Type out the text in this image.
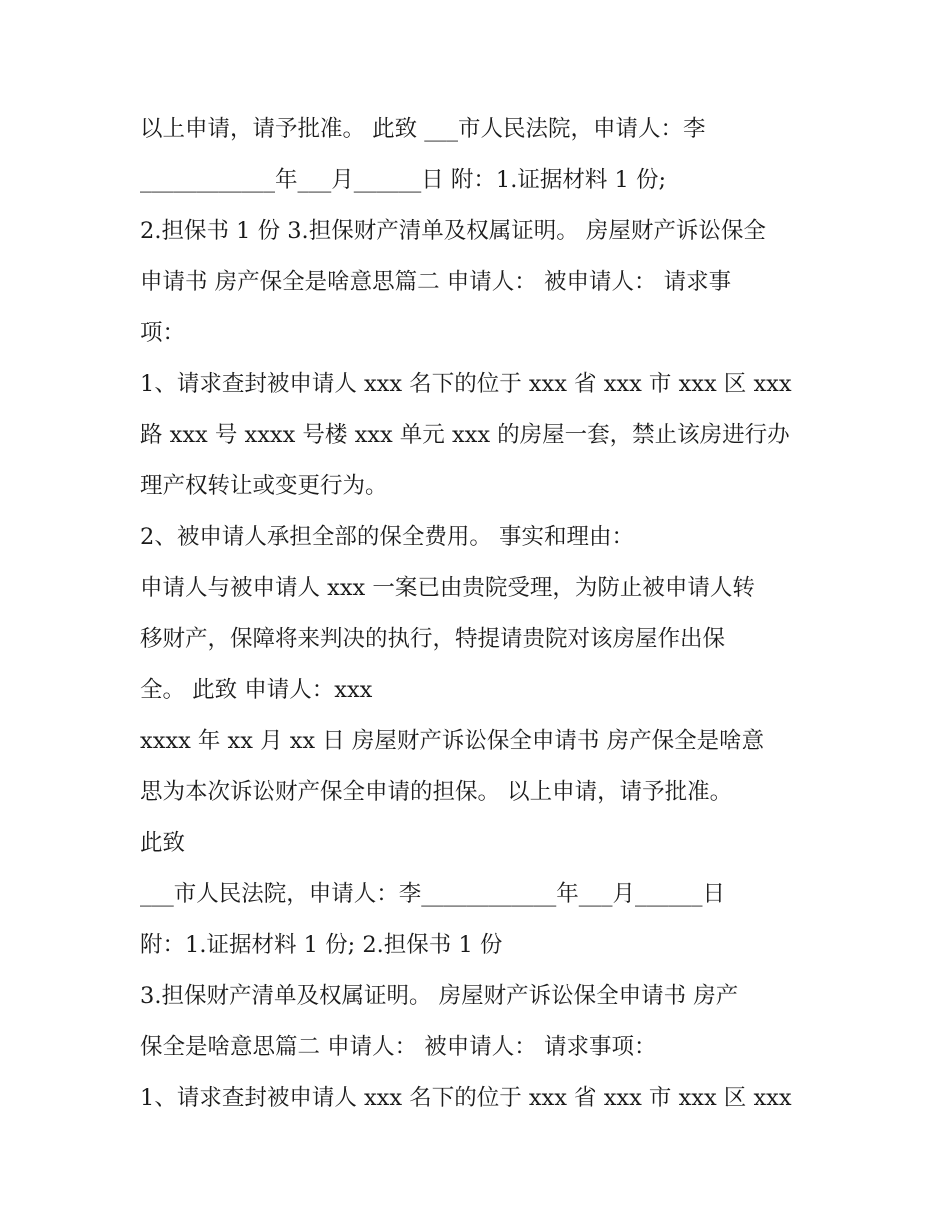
以上申请，请予批准。 此致 ___市人民法院，申请人：李
____________年___月______日 附：1.证据材料 1 份;
2.担保书 1 份 3.担保财产清单及权属证明。 房屋财产诉讼保全
申请书 房产保全是啥意思篇二 申请人： 被申请人： 请求事
项：
1、请求查封被申请人 xxx 名下的位于 xxx 省 xxx 市 xxx 区 xxx
路 xxx 号 xxxx 号楼 xxx 单元 xxx 的房屋一套，禁止该房进行办
理产权转让或变更行为。
2、被申请人承担全部的保全费用。 事实和理由：
申请人与被申请人 xxx 一案已由贵院受理，为防止被申请人转
移财产，保障将来判决的执行，特提请贵院对该房屋作出保
全。 此致 申请人：xxx
xxxx 年 xx 月 xx 日 房屋财产诉讼保全申请书 房产保全是啥意
思为本次诉讼财产保全申请的担保。 以上申请，请予批准。
此致
___市人民法院，申请人：李____________年___月______日
附：1.证据材料 1 份; 2.担保书 1 份
3.担保财产清单及权属证明。 房屋财产诉讼保全申请书 房产
保全是啥意思篇二 申请人： 被申请人： 请求事项：
1、请求查封被申请人 xxx 名下的位于 xxx 省 xxx 市 xxx 区 xxx
